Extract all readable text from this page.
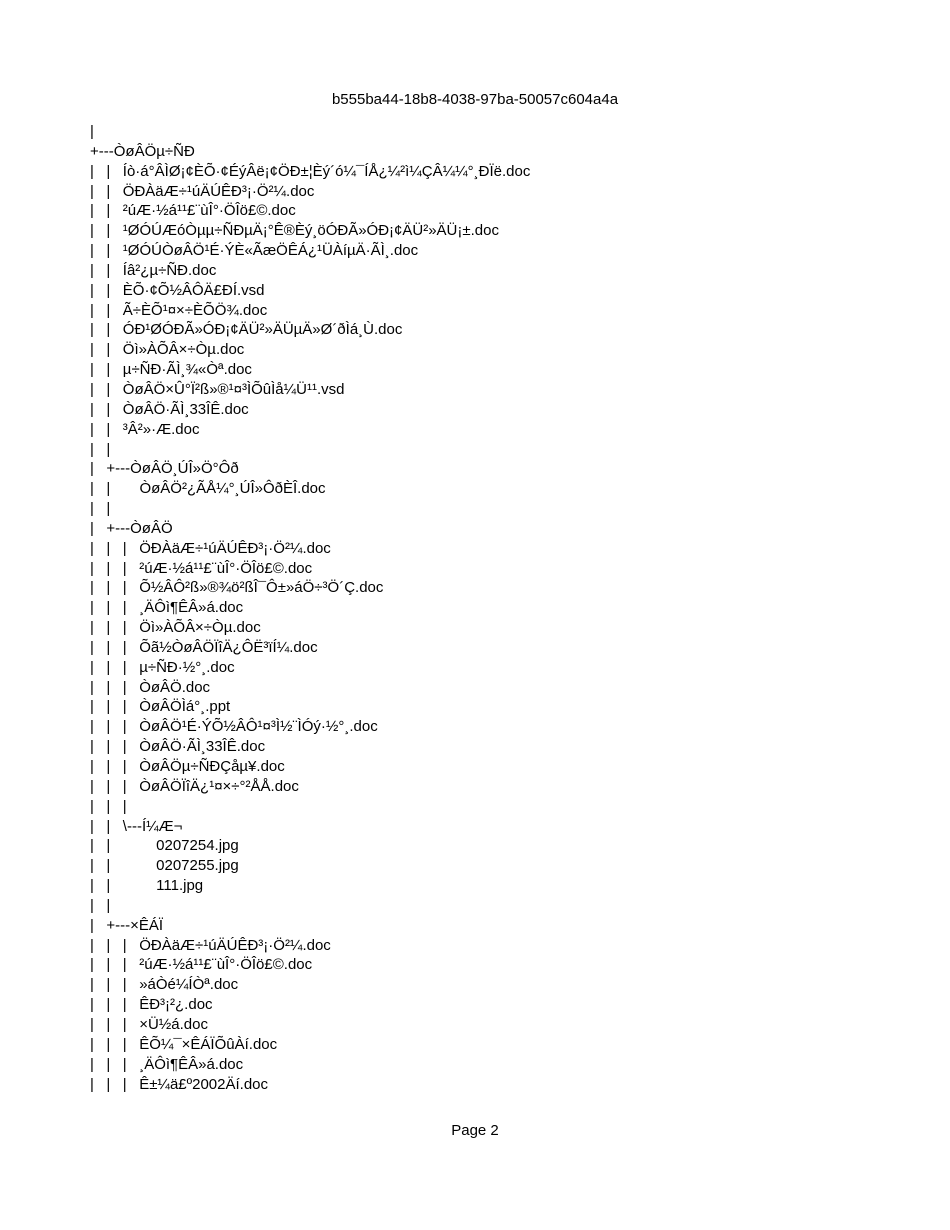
b555ba44-18b8-4038-97ba-50057c604a4a
|
+---ÒøÂÖµ÷ÑÐ
|   |   Íò·á°ÂÌØ¡¢ÈÕ·¢ÉýÂë¡¢ÖÐ±¦Èý´ó¼¯ÍÅ¿¼²ì¼ÇÂ¼¼°¸ÐÏë.doc
|   |   ÖÐÀäÆ÷¹úÄÚÊÐ³¡·Ö²¼.doc
|   |   ²úÆ·½á¹¹£¨ùÎ°·ÖÎö£©.doc
|   |   ¹ØÓÚÆóÒµµ÷ÑÐµÄ¡°Ê®Èý¸öÓÐÃ»ÓÐ¡¢ÄÜ²»ÄÜ¡±.doc
|   |   ¹ØÓÚÒøÂÖ¹É·ÝÈ«ÃæÖÊÁ¿¹ÜÀíµÄ·ÃÌ¸.doc
|   |   Íâ²¿µ÷ÑÐ.doc
|   |   ÈÕ·¢Õ½ÂÔÄ£ÐÍ.vsd
|   |   Ã÷ÈÕ¹¤×÷ÈÕÖ¾.doc
|   |   ÓÐ¹ØÓÐÃ»ÓÐ¡¢ÄÜ²»ÄÜµÄ»Ø´ðÌá¸Ù.doc
|   |   Öì»ÀÕÂ×÷Òµ.doc
|   |   µ÷ÑÐ·ÃÌ¸¾«Òª.doc
|   |   ÒøÂÖ×Û°Ï²ß»®¹¤³ÌÕûÌå¼Ü¹¹.vsd
|   |   ÒøÂÖ·ÃÌ¸33ÎÊ.doc
|   |   ³Â²»·Æ.doc
|   |
|   +---ÒøÂÖ¸ÚÎ»Ö°Ôð
|   |       ÒøÂÖ²¿ÃÅ¼°¸ÚÎ»ÔðÈÎ.doc
|   |
|   +---ÒøÂÖ
|   |   |   ÖÐÀäÆ÷¹úÄÚÊÐ³¡·Ö²¼.doc
|   |   |   ²úÆ·½á¹¹£¨ùÎ°·ÖÎö£©.doc
|   |   |   Õ½ÂÔ²ß»®¾ö²ßÎ¯Ô±»áÖ÷³Ö´Ç.doc
|   |   |   ¸ÄÔì¶ÊÂ»á.doc
|   |   |   Öì»ÀÕÂ×÷Òµ.doc
|   |   |   Õã½ÒøÂÖÏîÄ¿ÔË³ïÍ¼.doc
|   |   |   µ÷ÑÐ·½°¸.doc
|   |   |   ÒøÂÖ.doc
|   |   |   ÒøÂÖÌá°¸.ppt
|   |   |   ÒøÂÖ¹É·ÝÕ½ÂÔ¹¤³Ì½¨ÌÓý·½°¸.doc
|   |   |   ÒøÂÖ·ÃÌ¸33ÎÊ.doc
|   |   |   ÒøÂÖµ÷ÑÐÇåµ¥.doc
|   |   |   ÒøÂÖÏîÄ¿¹¤×÷°²ÅÅ.doc
|   |   |
|   |   \---Í¼Æ¬
|   |           0207254.jpg
|   |           0207255.jpg
|   |           111.jpg
|   |
|   +---×ÊÁÏ
|   |   |   ÖÐÀäÆ÷¹úÄÚÊÐ³¡·Ö²¼.doc
|   |   |   ²úÆ·½á¹¹£¨ùÎ°·ÖÎö£©.doc
|   |   |   »áÒé¼ÍÒª.doc
|   |   |   ÊÐ³¡²¿.doc
|   |   |   ×Ü½á.doc
|   |   |   ÊÕ¼¯×ÊÁÏÕûÀí.doc
|   |   |   ¸ÄÔì¶ÊÂ»á.doc
|   |   |   Ê±¼ä£º2002Äí.doc
Page 2
